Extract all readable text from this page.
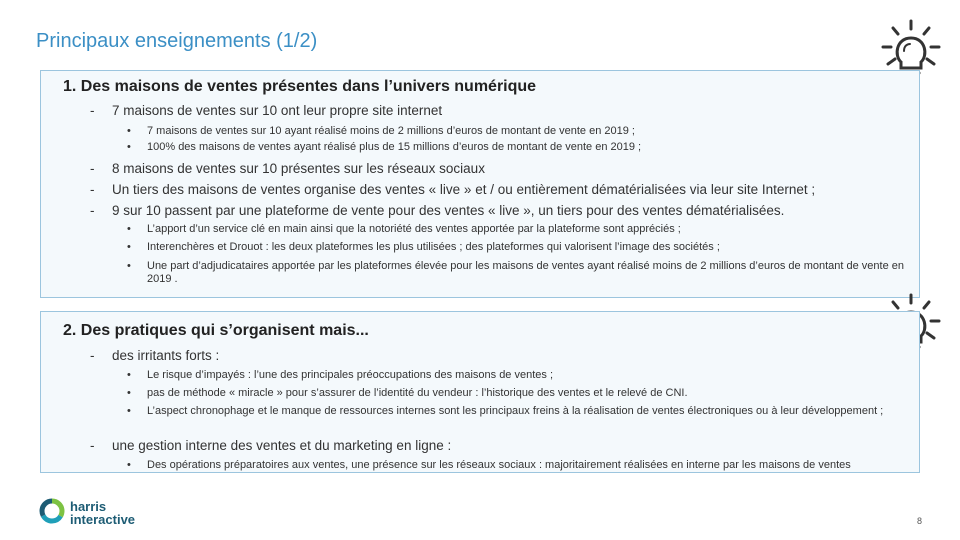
Principaux enseignements (1/2)
1. Des maisons de ventes présentes dans l’univers numérique
- 7 maisons de ventes sur 10 ont leur propre site internet
• 7 maisons de ventes sur 10 ayant réalisé moins de 2 millions d’euros de montant de vente en 2019 ;
• 100% des maisons de ventes ayant réalisé plus de 15 millions d’euros de montant de vente en 2019 ;
- 8 maisons de ventes sur 10 présentes sur les réseaux sociaux
- Un tiers des maisons de ventes organise des ventes « live » et / ou entièrement dématérialisées via leur site Internet ;
- 9 sur 10 passent par une plateforme de vente pour des ventes « live », un tiers pour des ventes dématérialisées.
• L’apport d’un service clé en main ainsi que la notoriété des ventes apportée par la plateforme sont appréciés ;
• Interenchères et Drouot : les deux plateformes les plus utilisées ; des plateformes qui valorisent l’image des sociétés ;
• Une part d’adjudicataires apportée par les plateformes élevée pour les maisons de ventes ayant réalisé moins de 2 millions d’euros de montant de vente en 2019 .
2. Des pratiques qui s’organisent mais...
- des irritants forts :
• Le risque d’impayés : l’une des principales préoccupations des maisons de ventes ;
• pas de méthode « miracle » pour s’assurer de l’identité du vendeur : l’historique des ventes et le relevé de CNI.
• L’aspect chronophage et le manque de ressources internes sont les principaux freins à la réalisation de ventes électroniques ou à leur développement ;
- une gestion interne des ventes et du marketing en ligne :
• Des opérations préparatoires aux ventes, une présence sur les réseaux sociaux : majoritairement réalisées en interne par les maisons de ventes
harris
interactive	8
